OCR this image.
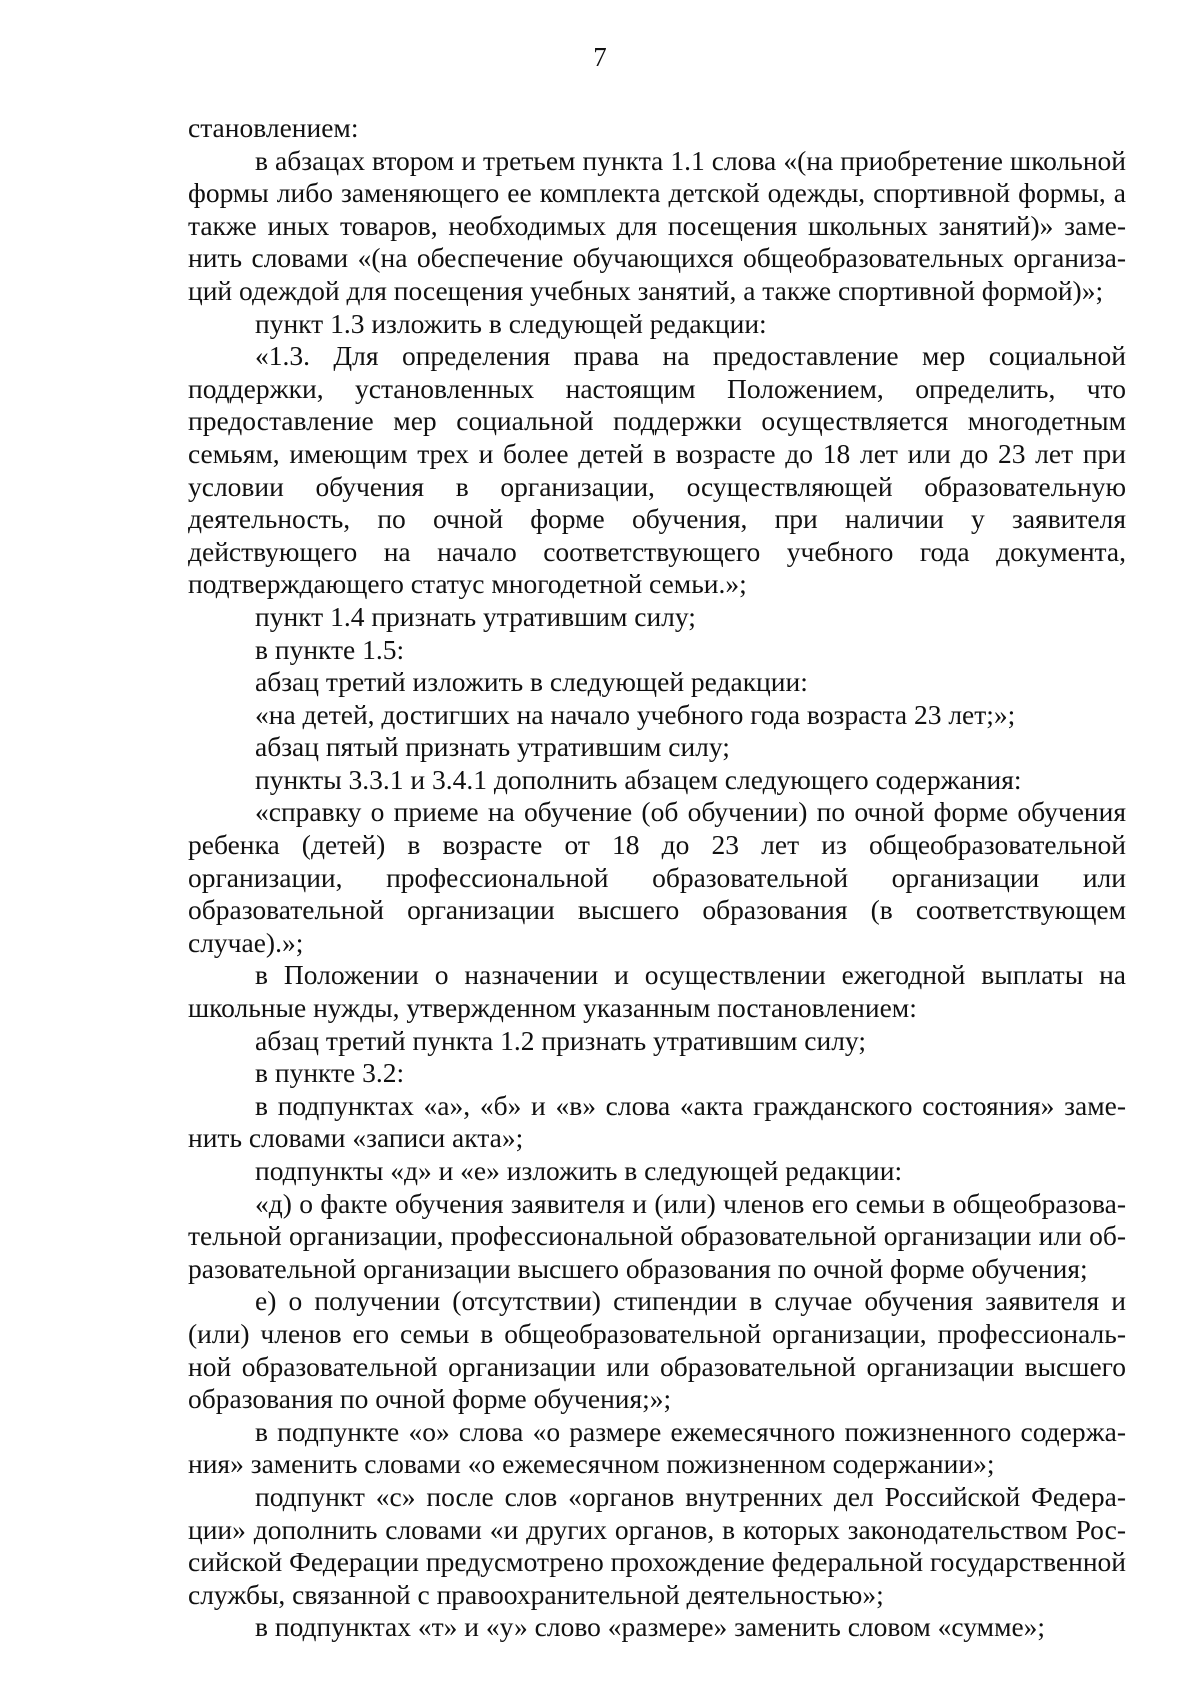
7

становлением:

в абзацах втором и третьем пункта 1.1 слова «(на приобретение школьной формы либо заменяющего ее комплекта детской одежды, спортивной формы, а также иных товаров, необходимых для посещения школьных занятий)» заменить словами «(на обеспечение обучающихся общеобразовательных организаций одеждой для посещения учебных занятий, а также спортивной формой)»;

пункт 1.3 изложить в следующей редакции:

«1.3. Для определения права на предоставление мер социальной поддержки, установленных настоящим Положением, определить, что предоставление мер социальной поддержки осуществляется многодетным семьям, имеющим трех и более детей в возрасте до 18 лет или до 23 лет при условии обучения в организации, осуществляющей образовательную деятельность, по очной форме обучения, при наличии у заявителя действующего на начало соответствующего учебного года документа, подтверждающего статус многодетной семьи.»;

пункт 1.4 признать утратившим силу;

в пункте 1.5:

абзац третий изложить в следующей редакции:

«на детей, достигших на начало учебного года возраста 23 лет;»;

абзац пятый признать утратившим силу;

пункты 3.3.1 и 3.4.1 дополнить абзацем следующего содержания:

«справку о приеме на обучение (об обучении) по очной форме обучения ребенка (детей) в возрасте от 18 до 23 лет из общеобразовательной организации, профессиональной образовательной организации или образовательной организации высшего образования (в соответствующем случае).»;

в Положении о назначении и осуществлении ежегодной выплаты на школьные нужды, утвержденном указанным постановлением:

абзац третий пункта 1.2 признать утратившим силу;

в пункте 3.2:

в подпунктах «а», «б» и «в» слова «акта гражданского состояния» заменить словами «записи акта»;

подпункты «д» и «е» изложить в следующей редакции:

«д) о факте обучения заявителя и (или) членов его семьи в общеобразовательной организации, профессиональной образовательной организации или образовательной организации высшего образования по очной форме обучения;

е) о получении (отсутствии) стипендии в случае обучения заявителя и (или) членов его семьи в общеобразовательной организации, профессиональной образовательной организации или образовательной организации высшего образования по очной форме обучения;»;

в подпункте «о» слова «о размере ежемесячного пожизненного содержания» заменить словами «о ежемесячном пожизненном содержании»;

подпункт «с» после слов «органов внутренних дел Российской Федерации» дополнить словами «и других органов, в которых законодательством Российской Федерации предусмотрено прохождение федеральной государственной службы, связанной с правоохранительной деятельностью»;

в подпунктах «т» и «у» слово «размере» заменить словом «сумме»;
